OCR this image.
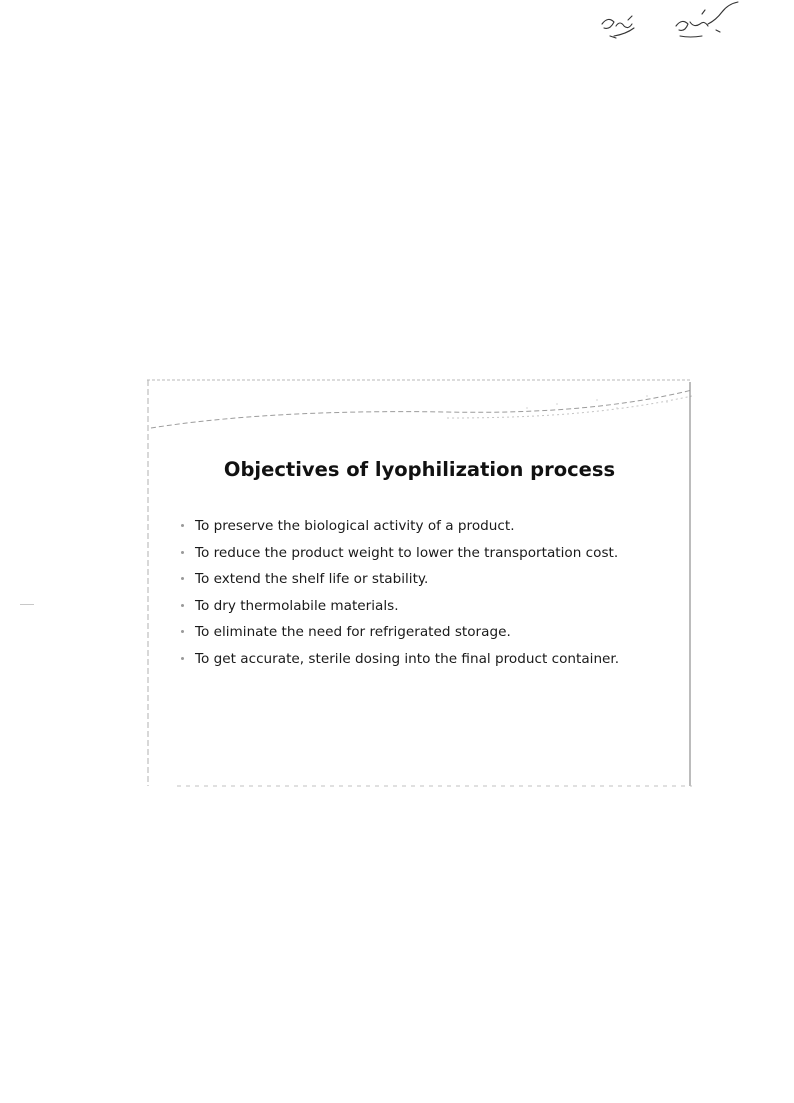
Objectives of lyophilization process
To preserve the biological activity of a product.
To reduce the product weight to lower the transportation cost.
To extend the shelf life or stability.
To dry thermolabile materials.
To eliminate the need for refrigerated storage.
To get accurate, sterile dosing into the final product container.
